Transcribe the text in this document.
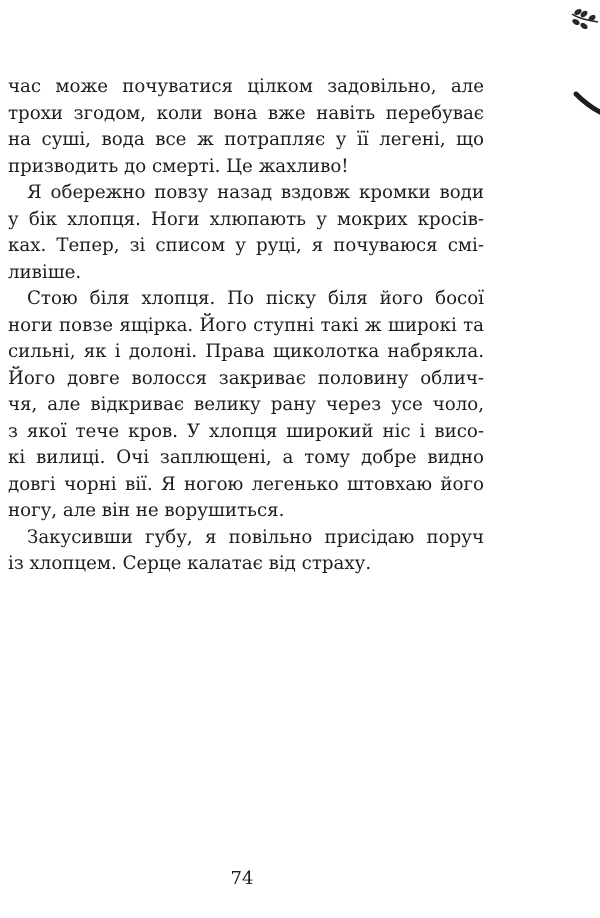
час може почуватися цілком задовільно, але
трохи згодом, коли вона вже навіть перебуває
на суші, вода все ж потрапляє у її легені, що
призводить до смерті. Це жахливо!
Я обережно повзу назад вздовж кромки води
у бік хлопця. Ноги хлюпають у мокрих кросів-
ках. Тепер, зі списом у руці, я почуваюся смі-
ливіше.
Стою біля хлопця. По піску біля його босої
ноги повзе ящірка. Його ступні такі ж широкі та
сильні, як і долоні. Права щиколотка набрякла.
Його довге волосся закриває половину облич-
чя, але відкриває велику рану через усе чоло,
з якої тече кров. У хлопця широкий ніс і висо-
кі вилиці. Очі заплющені, а тому добре видно
довгі чорні вії. Я ногою легенько штовхаю його
ногу, але він не ворушиться.
Закусивши губу, я повільно присідаю поруч
із хлопцем. Серце калатає від страху.
74
